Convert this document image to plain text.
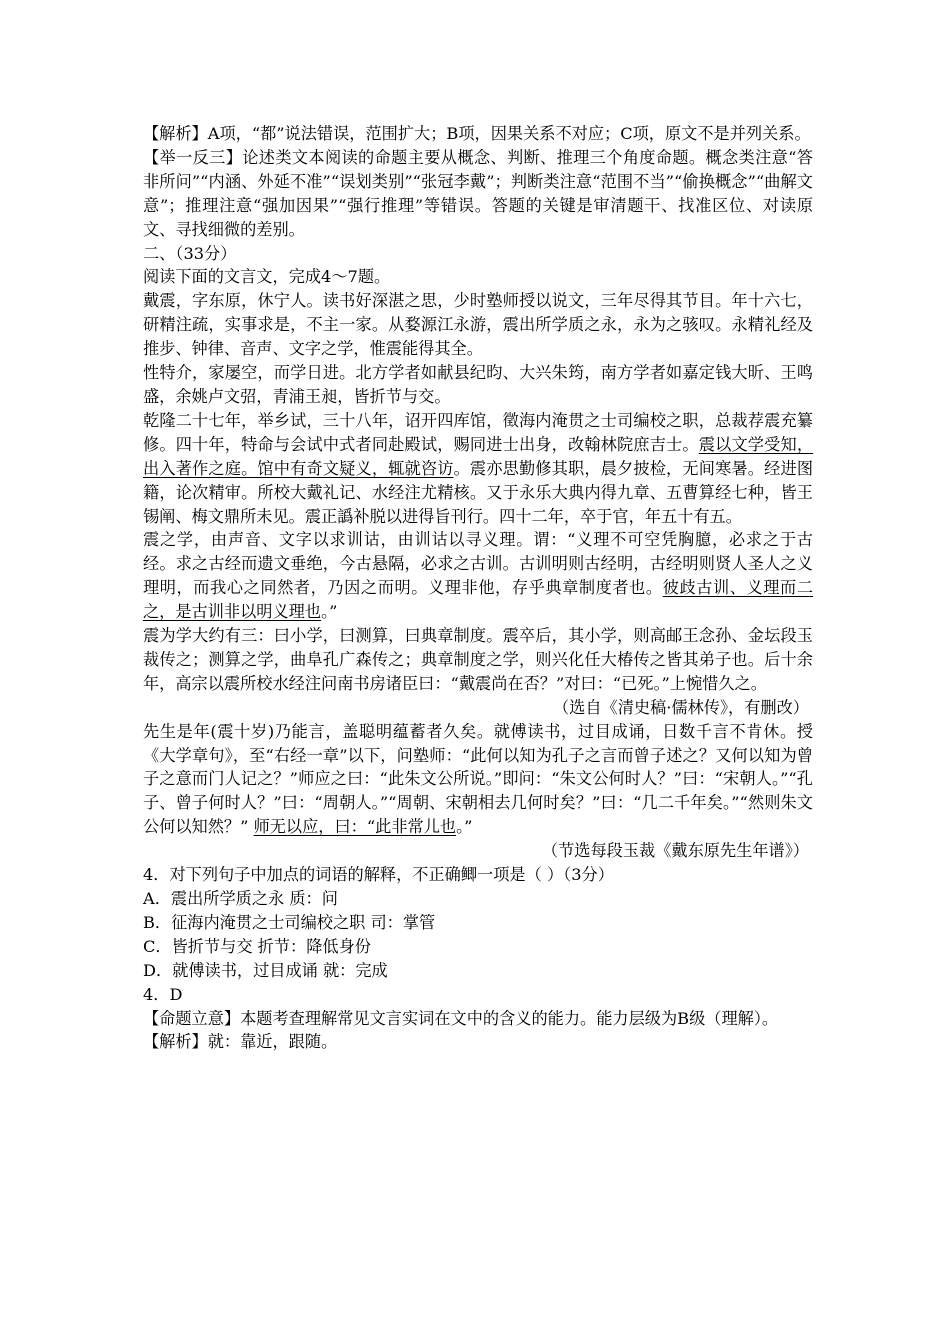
【解析】A项，“都”说法错误，范围扩大；B项，因果关系不对应；C项，原文不是并列关系。

【举一反三】论述类文本阅读的命题主要从概念、判断、推理三个角度命题。概念类注意“答非所问”“内涵、外延不准”“误划类别”“张冠李戴”；判断类注意“范围不当”“偷换概念”“曲解文意”；推理注意“强加因果”“强行推理”等错误。答题的关键是审清题干、找准区位、对读原文、寻找细微的差别。

二、（33分）

阅读下面的文言文，完成4～7题。

戴震，字东原，休宁人。读书好深湛之思，少时塾师授以说文，三年尽得其节目。年十六七，研精注疏，实事求是，不主一家。从婺源江永游，震出所学质之永，永为之骇叹。永精礼经及推步、钟律、音声、文字之学，惟震能得其全。

性特介，家屡空，而学日进。北方学者如献县纪昀、大兴朱筠，南方学者如嘉定钱大昕、王鸣盛，余姚卢文弨，青浦王昶，皆折节与交。

乾隆二十七年，举乡试，三十八年，诏开四库馆，徵海内淹贯之士司编校之职，总裁荐震充纂修。四十年，特命与会试中式者同赴殿试，赐同进士出身，改翰林院庶吉士。震以文学受知，出入著作之庭。馆中有奇文疑义，辄就咨访。震亦思勤修其职，晨夕披检，无间寒暑。经进图籍，论次精审。所校大戴礼记、水经注尤精核。又于永乐大典内得九章、五曹算经七种，皆王锡阐、梅文鼎所未见。震正譌补脱以进得旨刊行。四十二年，卒于官，年五十有五。

震之学，由声音、文字以求训诂，由训诂以寻义理。谓：“义理不可空凭胸臆，必求之于古经。求之古经而遗文垂绝，今古悬隔，必求之古训。古训明则古经明，古经明则贤人圣人之义理明，而我心之同然者，乃因之而明。义理非他，存乎典章制度者也。彼歧古训、义理而二之，是古训非以明义理也。”

震为学大约有三：曰小学，曰测算，曰典章制度。震卒后，其小学，则高邮王念孙、金坛段玉裁传之；测算之学，曲阜孔广森传之；典章制度之学，则兴化任大椿传之皆其弟子也。后十余年，高宗以震所校水经注问南书房诸臣曰：“戴震尚在否？”对曰：“已死。”上惋惜久之。

（选自《清史稿·儒林传》，有删改）

先生是年(震十岁)乃能言，盖聪明蕴蓄者久矣。就傅读书，过目成诵，日数千言不肯休。授《大学章句》，至“右经一章”以下，问塾师：“此何以知为孔子之言而曾子述之？又何以知为曾子之意而门人记之？”师应之曰：“此朱文公所说。”即问：“朱文公何时人？”曰：“宋朝人。”“孔子、曾子何时人？”曰：“周朝人。”“周朝、宋朝相去几何时矣？”曰：“几二千年矣。”“然则朱文公何以知然？” 师无以应，曰：“此非常儿也。”

（节选每段玉裁《戴东原先生年谱》）

4．对下列句子中加点的词语的解释，不正确鲫一项是（ ）（3分）

A．震出所学质之永 质：问

B．征海内淹贯之士司编校之职 司：掌管

C．皆折节与交 折节：降低身份

D．就傅读书，过目成诵 就：完成

4．D

【命题立意】本题考查理解常见文言实词在文中的含义的能力。能力层级为B级（理解）。

【解析】就：靠近，跟随。
